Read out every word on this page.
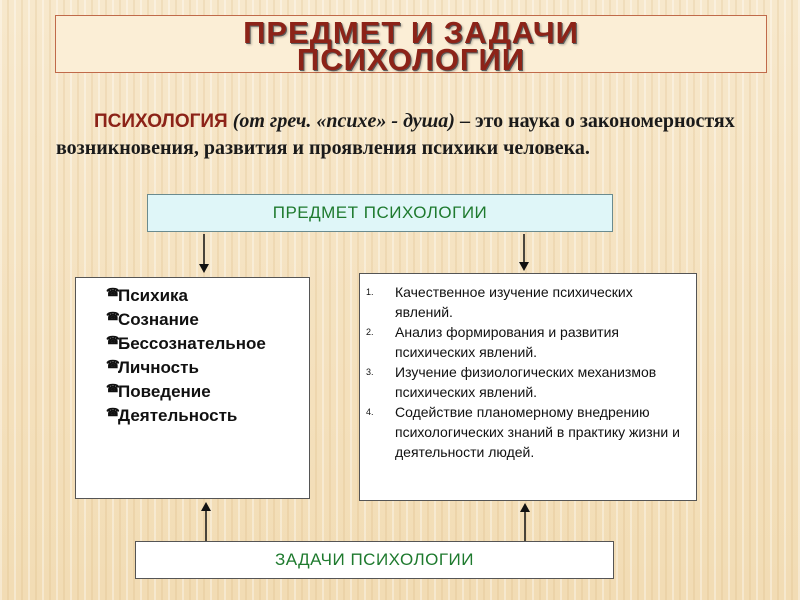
ПРЕДМЕТ И ЗАДАЧИ
ПСИХОЛОГИИ

ПСИХОЛОГИЯ (от греч. «психе» - душа) – это наука о закономерностях возникновения, развития и проявления психики человека.

ПРЕДМЕТ ПСИХОЛОГИИ
☎Психика
☎Сознание
☎Бессознательное
☎Личность
☎Поведение
☎Деятельность
1.	Качественное изучение психических явлений.
2.	Анализ формирования и развития психических явлений.
3.	Изучение физиологических механизмов психических явлений.
4.	Содействие планомерному внедрению психологических знаний в практику жизни и деятельности людей.
ЗАДАЧИ ПСИХОЛОГИИ
